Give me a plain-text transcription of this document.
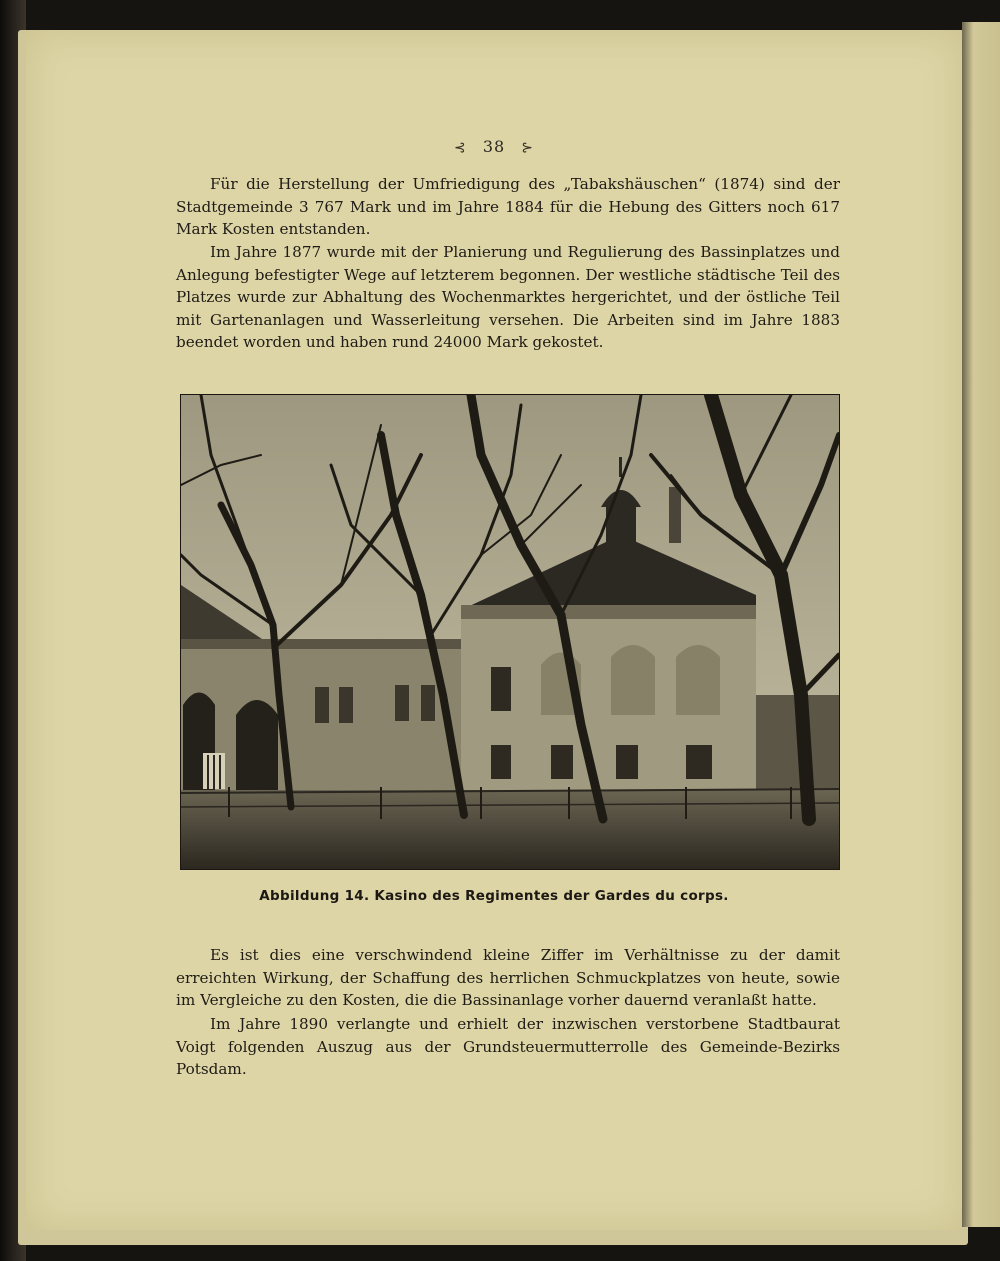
⊰ 38 ⊱

Für die Herstellung der Umfriedigung des „Tabakshäuschen“ (1874) sind der Stadtgemeinde 3 767 Mark und im Jahre 1884 für die Hebung des Gitters noch 617 Mark Kosten entstanden.

Im Jahre 1877 wurde mit der Planierung und Regulierung des Bassinplatzes und Anlegung befestigter Wege auf letzterem begonnen. Der westliche städtische Teil des Platzes wurde zur Abhaltung des Wochenmarktes hergerichtet, und der östliche Teil mit Gartenanlagen und Wasserleitung versehen. Die Arbeiten sind im Jahre 1883 beendet worden und haben rund 24000 Mark gekostet.

Abbildung 14. Kasino des Regimentes der Gardes du corps.

Es ist dies eine verschwindend kleine Ziffer im Verhältnisse zu der damit erreichten Wirkung, der Schaffung des herrlichen Schmuckplatzes von heute, sowie im Vergleiche zu den Kosten, die die Bassinanlage vorher dauernd veranlaßt hatte.

Im Jahre 1890 verlangte und erhielt der inzwischen verstorbene Stadtbaurat Voigt folgenden Auszug aus der Grundsteuermutterrolle des Gemeinde-Bezirks Potsdam.
